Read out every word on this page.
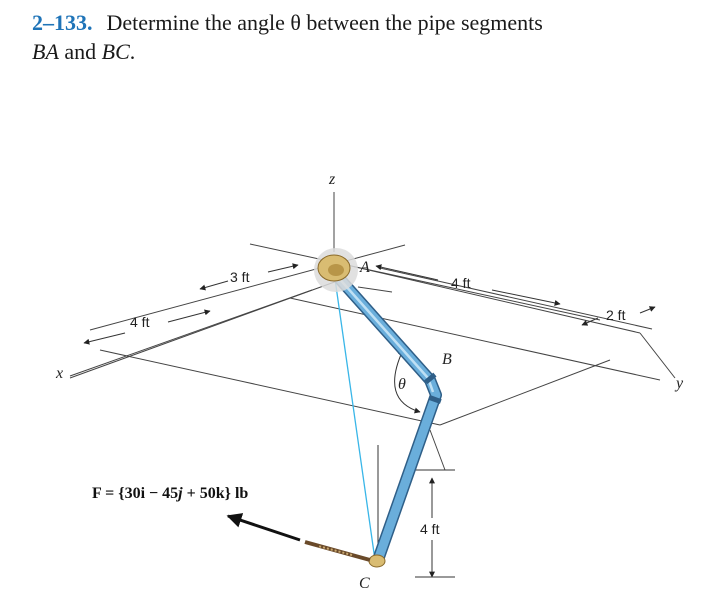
2–133. Determine the angle θ between the pipe segments
BA and BC.
z
x
y
A
B
C
θ
3 ft
4 ft
4 ft
2 ft
4 ft
F = {30i − 45j + 50k} lb
